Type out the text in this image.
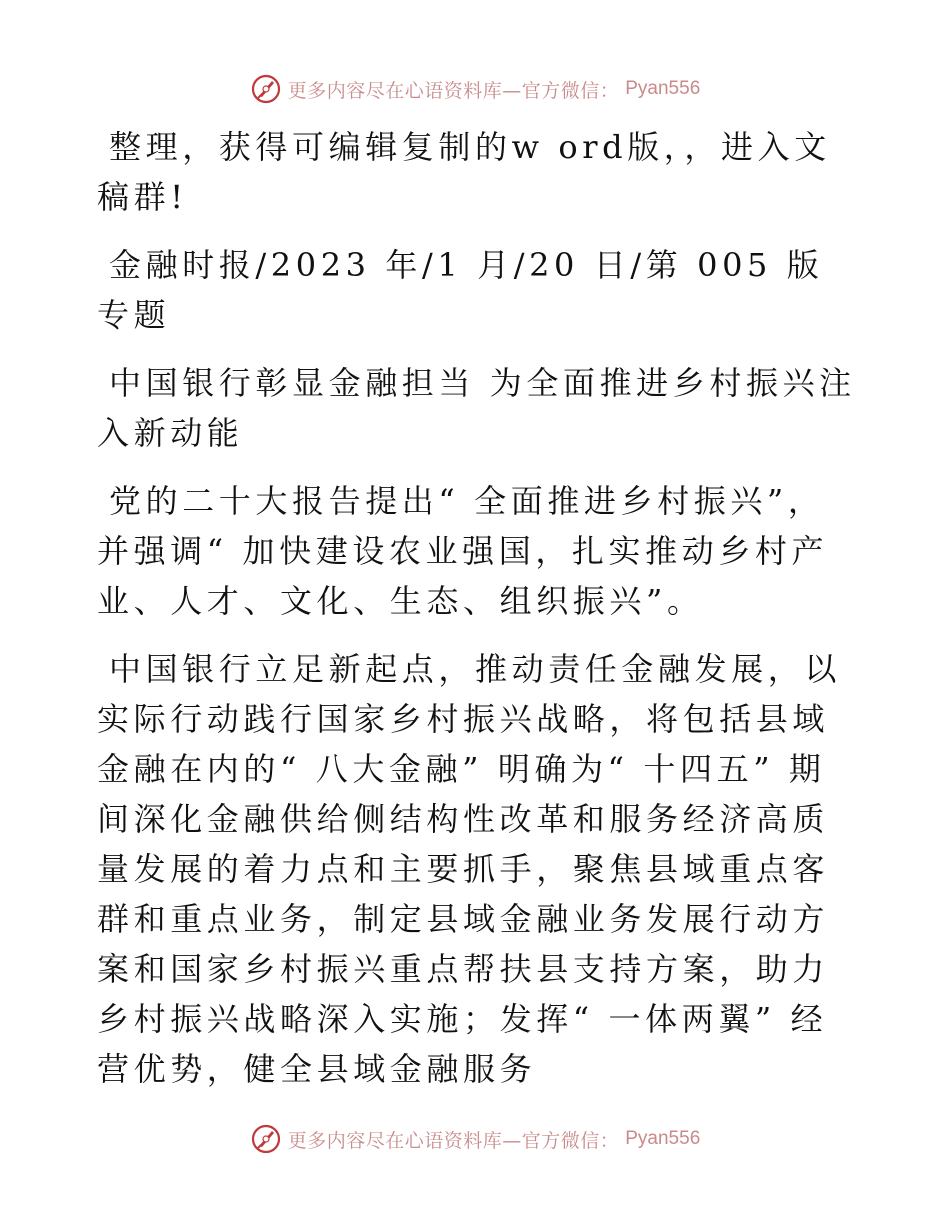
更多内容尽在心语资料库—官方微信： Pyan556

整理，获得可编辑复制的w ord版，，进入文稿群!

金融时报/2023 年/1 月/20 日/第 005 版专题

中国银行彰显金融担当 为全面推进乡村振兴注入新动能

党的二十大报告提出“ 全面推进乡村振兴”，并强调“ 加快建设农业强国，扎实推动乡村产业、人才、文化、生态、组织振兴”。

中国银行立足新起点，推动责任金融发展，以实际行动践行国家乡村振兴战略，将包括县域金融在内的“ 八大金融” 明确为“ 十四五” 期间深化金融供给侧结构性改革和服务经济高质量发展的着力点和主要抓手，聚焦县域重点客群和重点业务，制定县域金融业务发展行动方案和国家乡村振兴重点帮扶县支持方案，助力乡村振兴战略深入实施；发挥“ 一体两翼” 经营优势，健全县域金融服务

更多内容尽在心语资料库—官方微信： Pyan556
